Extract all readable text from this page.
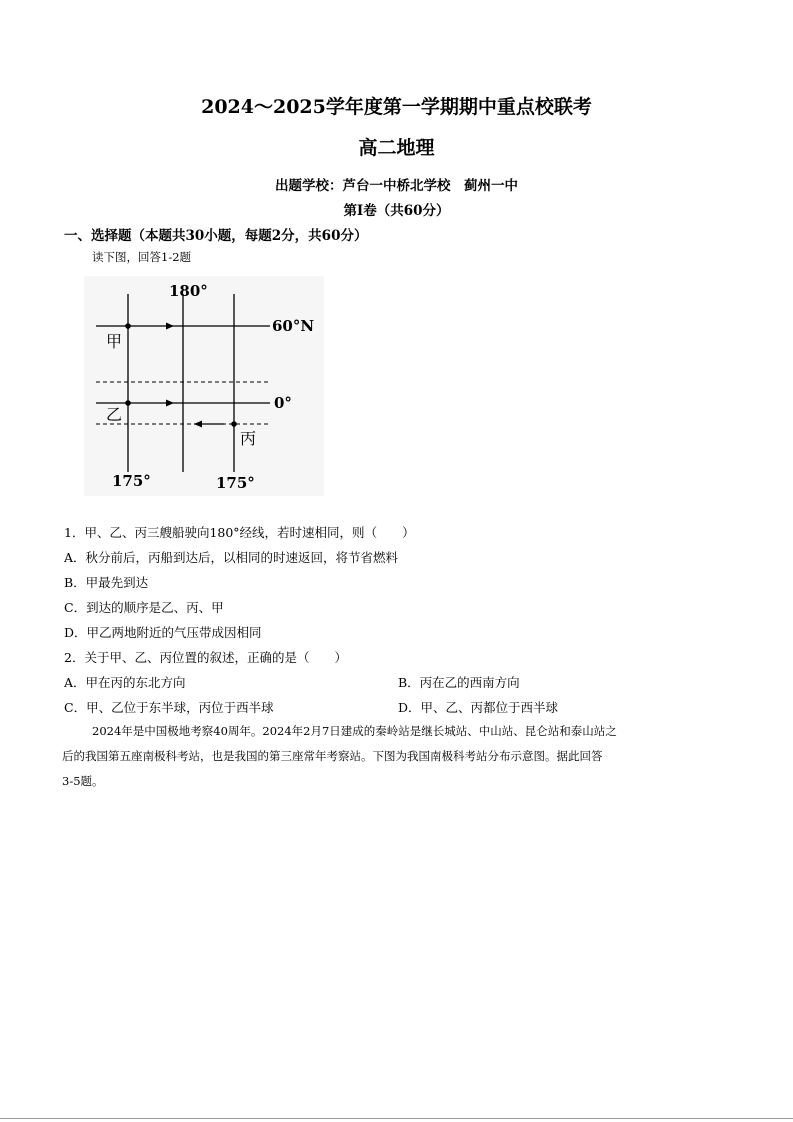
2024～2025学年度第一学期期中重点校联考
高二地理
出题学校：芦台一中桥北学校　蓟州一中
第Ⅰ卷（共60分）
一、选择题（本题共30小题，每题2分，共60分）
读下图，回答1-2题
180°
60°N
0°
175°	175°
甲
乙
丙
1．甲、乙、丙三艘船驶向180°经线，若时速相同，则（　　）
A．秋分前后，丙船到达后，以相同的时速返回，将节省燃料
B．甲最先到达
C．到达的顺序是乙、丙、甲
D．甲乙两地附近的气压带成因相同
2．关于甲、乙、丙位置的叙述，正确的是（　　）
A．甲在丙的东北方向	B．丙在乙的西南方向
C．甲、乙位于东半球，丙位于西半球	D．甲、乙、丙都位于西半球
2024年是中国极地考察40周年。2024年2月7日建成的秦岭站是继长城站、中山站、昆仑站和泰山站之
后的我国第五座南极科考站，也是我国的第三座常年考察站。下图为我国南极科考站分布示意图。据此回答
3-5题。
